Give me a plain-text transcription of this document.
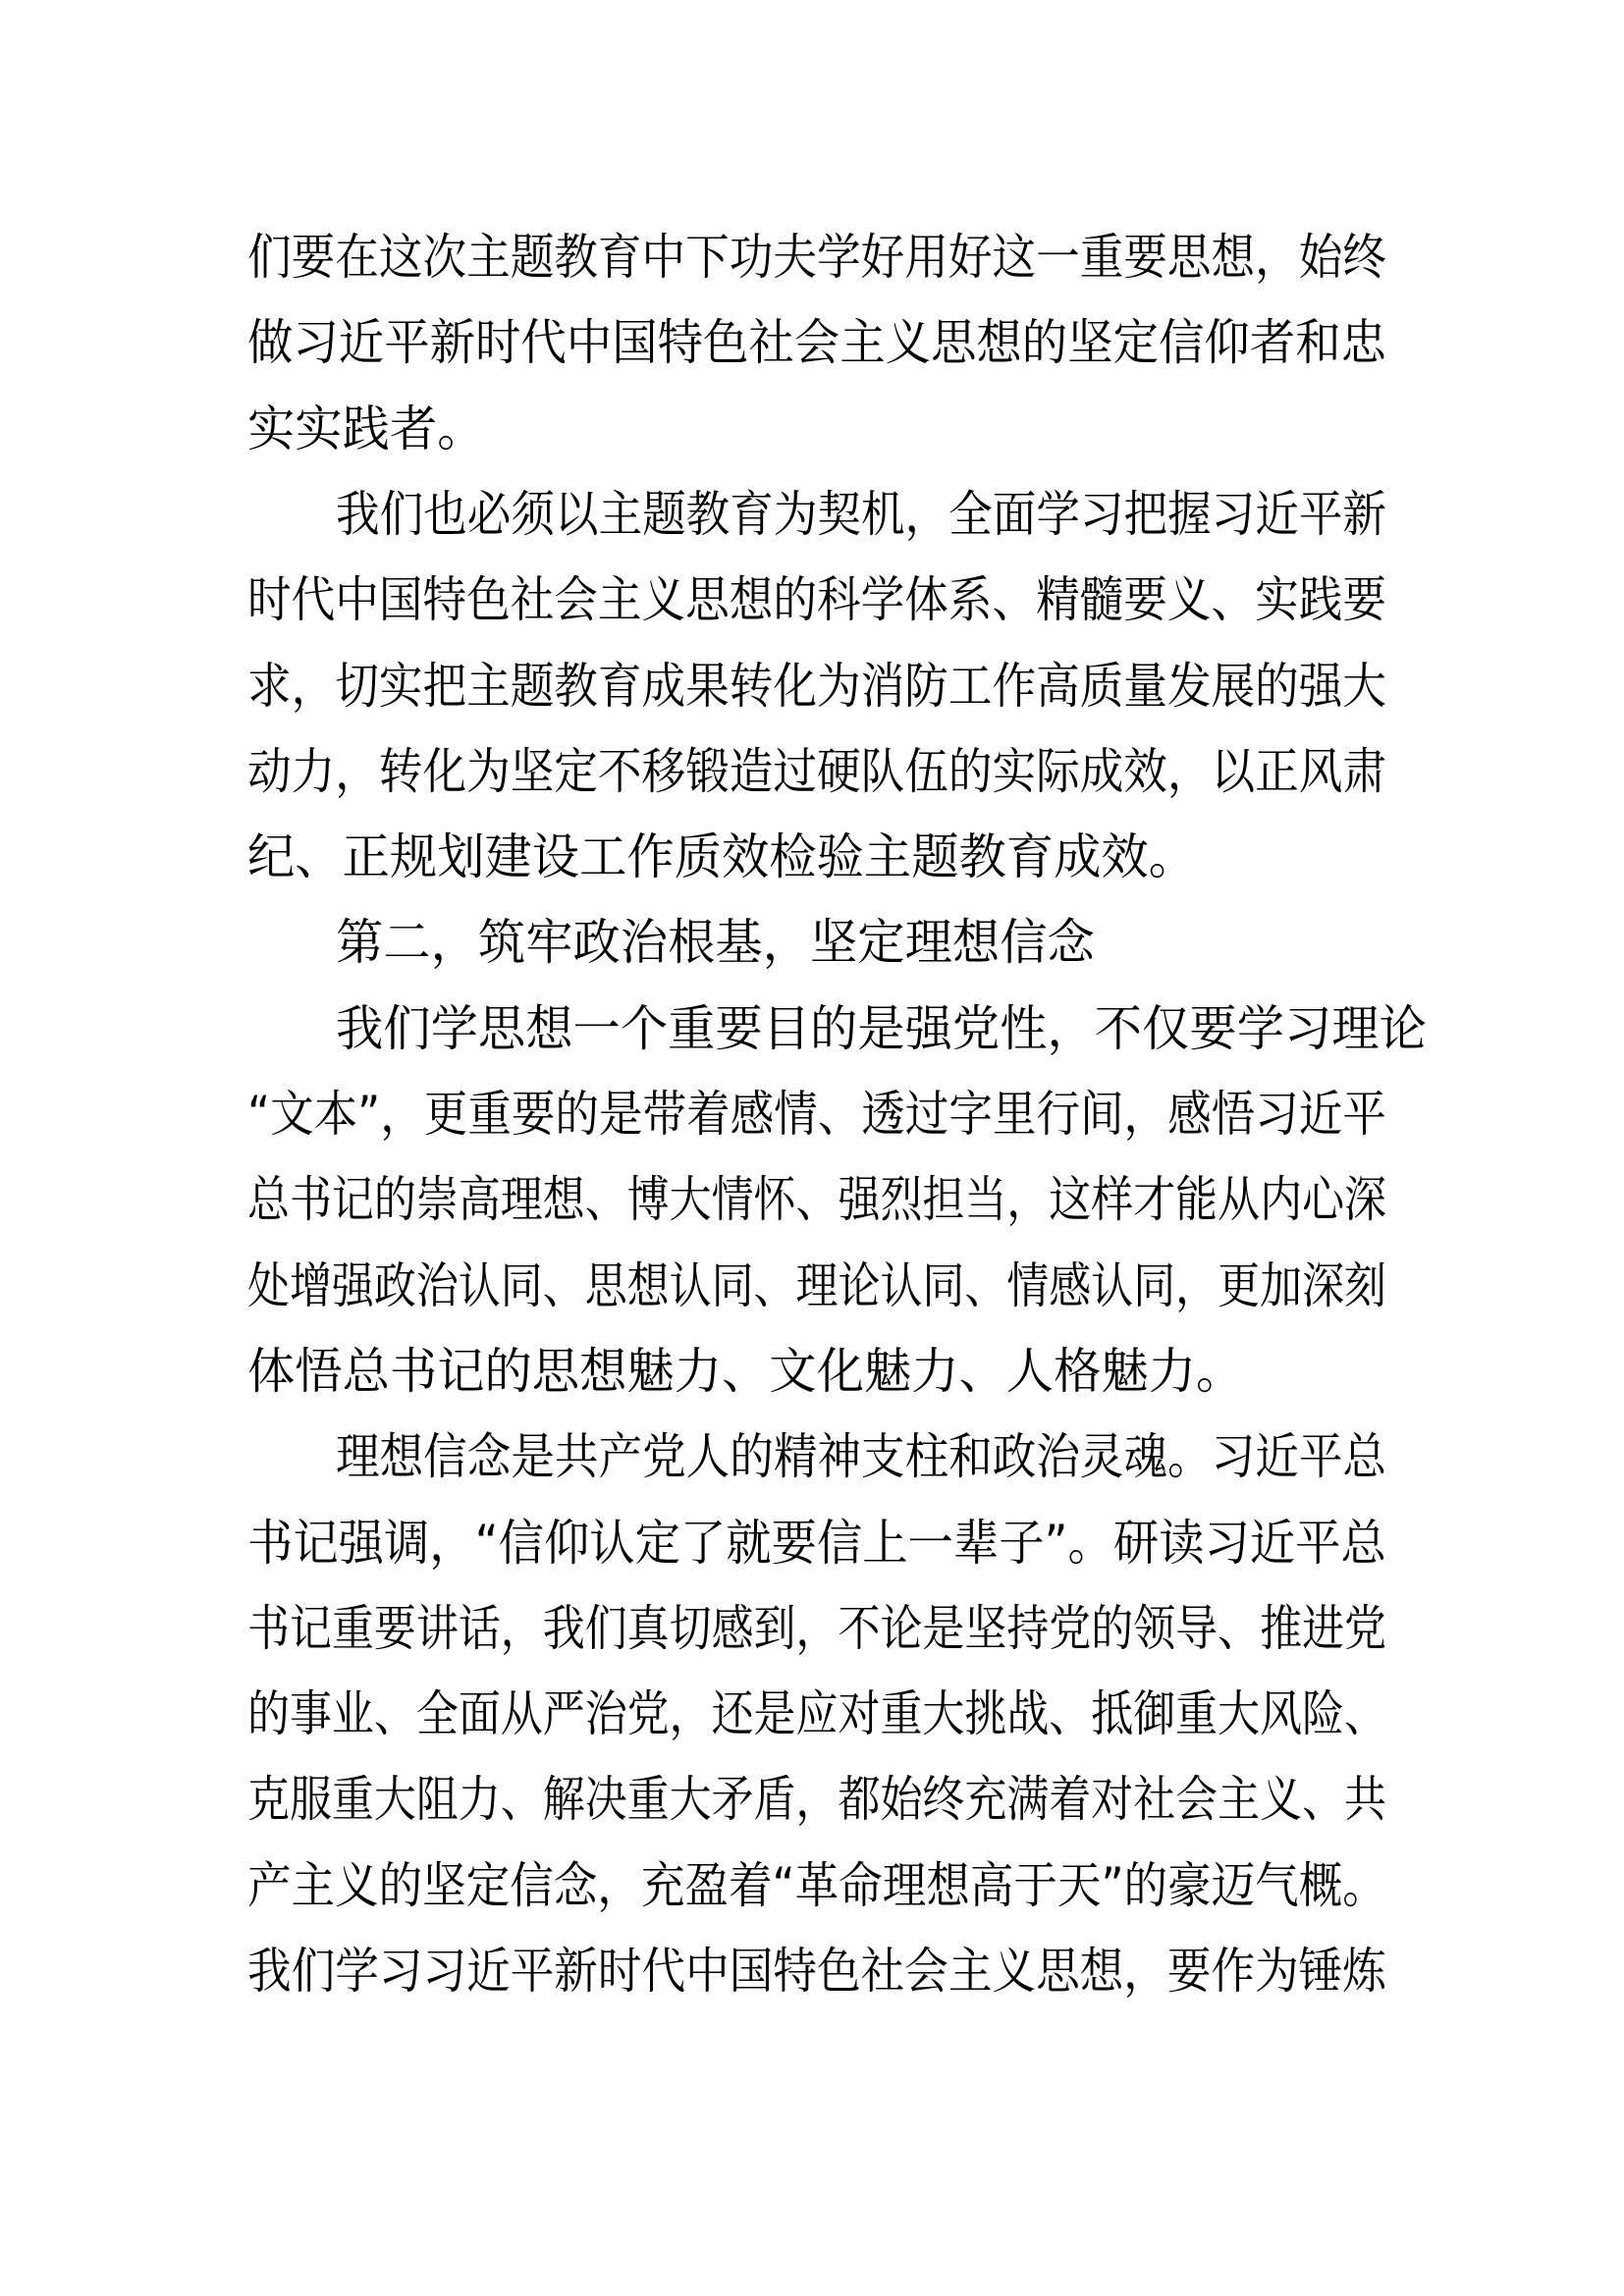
们要在这次主题教育中下功夫学好用好这一重要思想，始终
做习近平新时代中国特色社会主义思想的坚定信仰者和忠
实实践者。
我们也必须以主题教育为契机，全面学习把握习近平新
时代中国特色社会主义思想的科学体系、精髓要义、实践要
求，切实把主题教育成果转化为消防工作高质量发展的强大
动力，转化为坚定不移锻造过硬队伍的实际成效，以正风肃
纪、正规划建设工作质效检验主题教育成效。
第二，筑牢政治根基，坚定理想信念
我们学思想一个重要目的是强党性，不仅要学习理论
“文本”，更重要的是带着感情、透过字里行间，感悟习近平
总书记的崇高理想、博大情怀、强烈担当，这样才能从内心深
处增强政治认同、思想认同、理论认同、情感认同，更加深刻
体悟总书记的思想魅力、文化魅力、人格魅力。
理想信念是共产党人的精神支柱和政治灵魂。习近平总
书记强调，“信仰认定了就要信上一辈子”。研读习近平总
书记重要讲话，我们真切感到，不论是坚持党的领导、推进党
的事业、全面从严治党，还是应对重大挑战、抵御重大风险、
克服重大阻力、解决重大矛盾，都始终充满着对社会主义、共
产主义的坚定信念，充盈着“革命理想高于天”的豪迈气概。
我们学习习近平新时代中国特色社会主义思想，要作为锤炼
